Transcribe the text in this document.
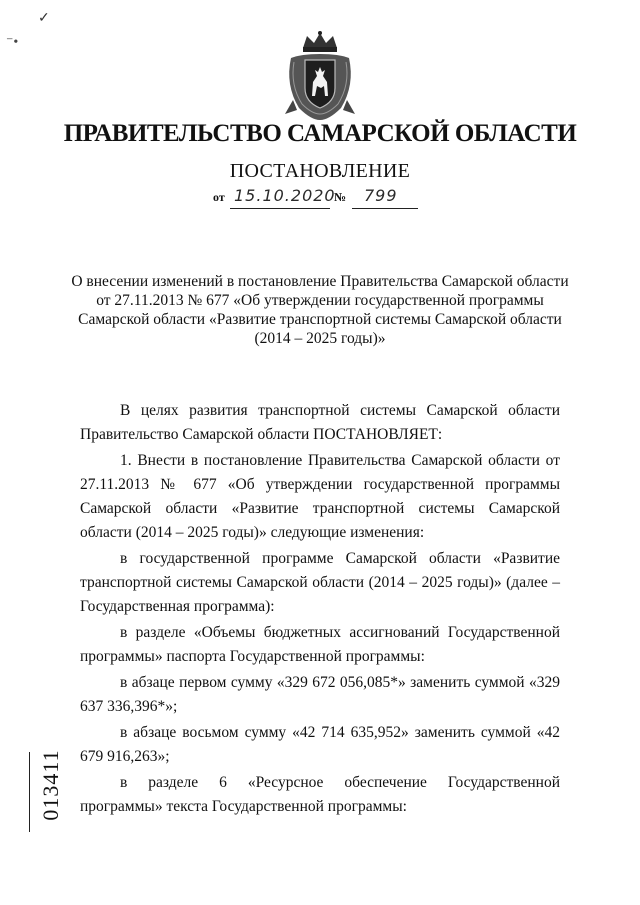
✓
⁻•
ПРАВИТЕЛЬСТВО САМАРСКОЙ ОБЛАСТИ
ПОСТАНОВЛЕНИЕ
от 15.10.2020
№ 799
О внесении изменений в постановление Правительства Самарской области от 27.11.2013 № 677 «Об утверждении государственной программы Самарской области «Развитие транспортной системы Самарской области (2014 – 2025 годы)»

В целях развития транспортной системы Самарской области Правительство Самарской области ПОСТАНОВЛЯЕТ:

1. Внести в постановление Правительства Самарской области от 27.11.2013 № 677 «Об утверждении государственной программы Самарской области «Развитие транспортной системы Самарской области (2014 – 2025 годы)» следующие изменения:

в государственной программе Самарской области «Развитие транспортной системы Самарской области (2014 – 2025 годы)» (далее – Государственная программа):

в разделе «Объемы бюджетных ассигнований Государственной программы» паспорта Государственной программы:

в абзаце первом сумму «329 672 056,085*» заменить суммой «329 637 336,396*»;

в абзаце восьмом сумму «42 714 635,952» заменить суммой «42 679 916,263»;

в разделе 6 «Ресурсное обеспечение Государственной программы» текста Государственной программы:

013411
